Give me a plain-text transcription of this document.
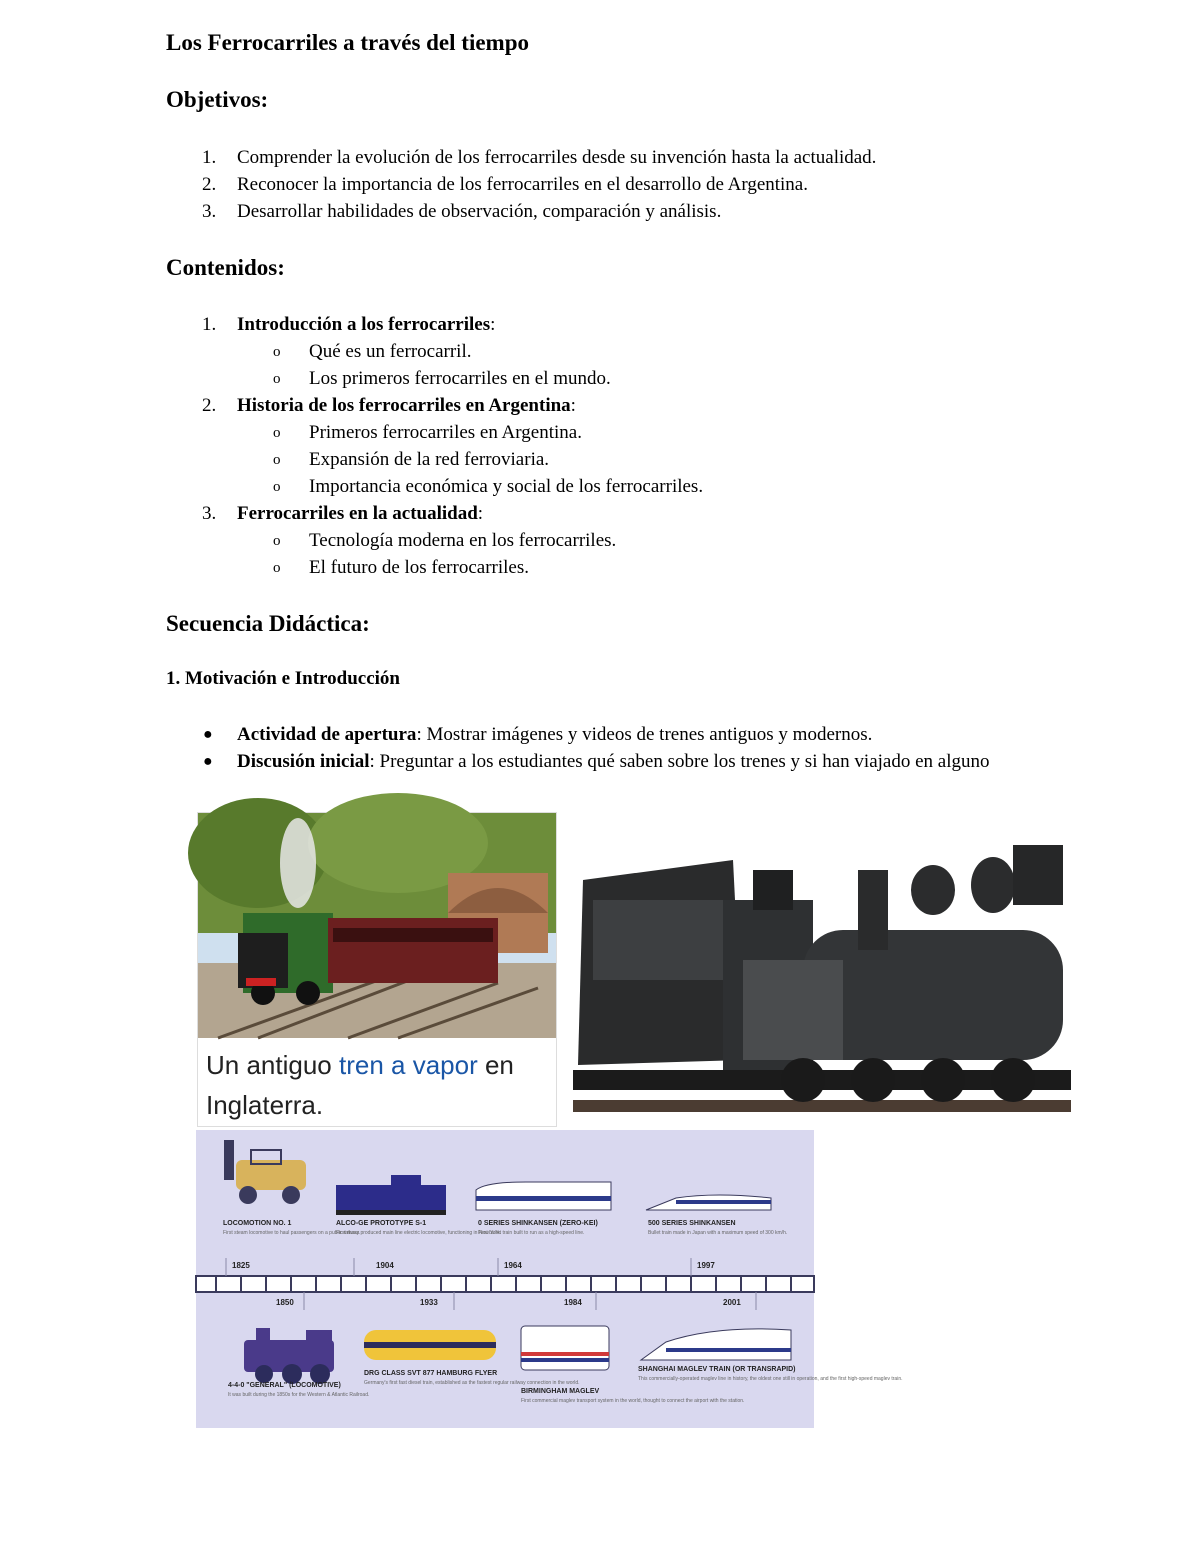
Los Ferrocarriles a través del tiempo
Objetivos:
1. Comprender la evolución de los ferrocarriles desde su invención hasta la actualidad.
2. Reconocer la importancia de los ferrocarriles en el desarrollo de Argentina.
3. Desarrollar habilidades de observación, comparación y análisis.
Contenidos:
1. Introducción a los ferrocarriles:
o Qué es un ferrocarril.
o Los primeros ferrocarriles en el mundo.
2. Historia de los ferrocarriles en Argentina:
o Primeros ferrocarriles en Argentina.
o Expansión de la red ferroviaria.
o Importancia económica y social de los ferrocarriles.
3. Ferrocarriles en la actualidad:
o Tecnología moderna en los ferrocarriles.
o El futuro de los ferrocarriles.
Secuencia Didáctica:
1. Motivación e Introducción
● Actividad de apertura: Mostrar imágenes y videos de trenes antiguos y modernos.
● Discusión inicial: Preguntar a los estudiantes qué saben sobre los trenes y si han viajado en alguno
Un antiguo tren a vapor en Inglaterra.
LOCOMOTION NO. 1
First steam locomotive to haul passengers on a public railway.
1825
ALCO-GE PROTOTYPE S-1
First mass produced main line electric locomotive, functioning in New York.
1904
0 SERIES SHINKANSEN (ZERO-KEI)
First bullet train built to run as a high-speed line.
1964
500 SERIES SHINKANSEN
Bullet train made in Japan with a maximum speed of 300 km/h.
1997
1850
4-4-0 "GENERAL" (LOCOMOTIVE)
It was built during the 1850s for the Western & Atlantic Railroad.
1933
DRG CLASS SVT 877 HAMBURG FLYER
Germany's first fast diesel train, established as the fastest regular railway connection in the world.
1984
BIRMINGHAM MAGLEV
First commercial maglev transport system in the world, thought to connect the airport with the station.
2001
SHANGHAI MAGLEV TRAIN (OR TRANSRAPID)
This commercially-operated maglev line in history, the oldest one still in operation, and the first high-speed maglev train.
